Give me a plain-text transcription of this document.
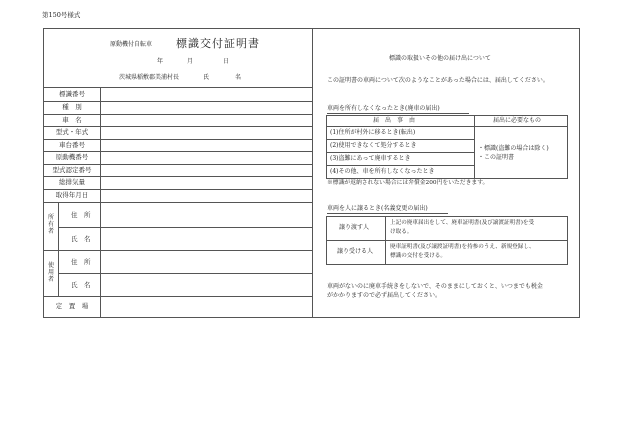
第150号様式
原動機付自転車 標識交付証明書
年	月	日
茨城県稲敷郡美浦村長	氏	名
標識番号
種　別
車　名
型式・年式
車台番号
原動機番号
型式認定番号
総排気量
取得年月日
所有者
使用者
住　所
氏　名
住　所
氏　名
定　置　場
標識の取扱いその他の届け出について
この証明書の車両について次のようなことがあった場合には、届出してください。
車両を所有しなくなったとき(廃車の届出)
届　出　事　由	届出に必要なもの
(1)住所が村外に移るとき(転出)
(2)使用できなくて処分するとき
(3)盗難にあって廃車するとき
(4)その他、車を所有しなくなったとき
・標識(盗難の場合は除く)
・この証明書
※標識が返納されない場合には弁償金200円をいただきます。
車両を人に譲るとき(名義変更の届出)
譲り渡す人
上記の廃車届出をして、廃車証明書(及び譲渡証明書)を受
け取る。
譲り受ける人
廃車証明書(及び譲渡証明書)を持参のうえ、新規登録し、
標識の交付を受ける。
車両がないのに廃車手続きをしないで、そのままにしておくと、いつまでも税金
がかかりますので必ず届出してください。
